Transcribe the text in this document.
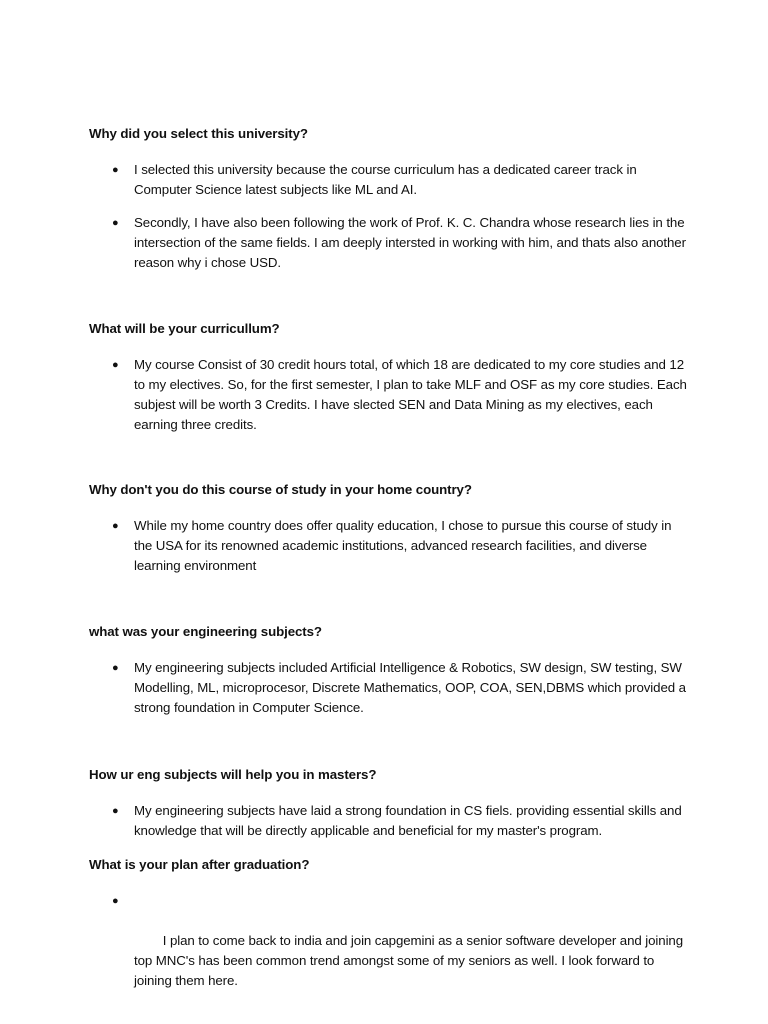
Why did you select this university?

● I selected this university because the course curriculum has a dedicated career track in Computer Science latest subjects like ML and AI.
● Secondly, I have also been following the work of Prof. K. C. Chandra whose research lies in the intersection of the same fields. I am deeply intersted in working with him, and thats also another reason why i chose USD.

What will be your curricullum?

● My course Consist of 30 credit hours total, of which 18 are dedicated to my core studies and 12 to my electives. So, for the first semester, I plan to take MLF and OSF as my core studies. Each subjest will be worth 3 Credits. I have slected SEN and Data Mining as my electives, each earning three credits.

Why don't you do this course of study in your home country?

● While my home country does offer quality education, I chose to pursue this course of study in the USA for its renowned academic institutions, advanced research facilities, and diverse learning environment

what was your engineering subjects?

● My engineering subjects included Artificial Intelligence & Robotics, SW design, SW testing, SW Modelling, ML, microprocesor, Discrete Mathematics, OOP, COA, SEN,DBMS which provided a strong foundation in Computer Science.

How ur eng subjects will help you in masters?

● My engineering subjects have laid a strong foundation in CS fiels. providing essential skills and knowledge that will be directly applicable and beneficial for my master's program.

What is your plan after graduation?

●

I plan to come back to india and join capgemini as a senior software developer and joining     top MNC's has been common trend amongst some of my seniors as well. I look forward to joining them here.
